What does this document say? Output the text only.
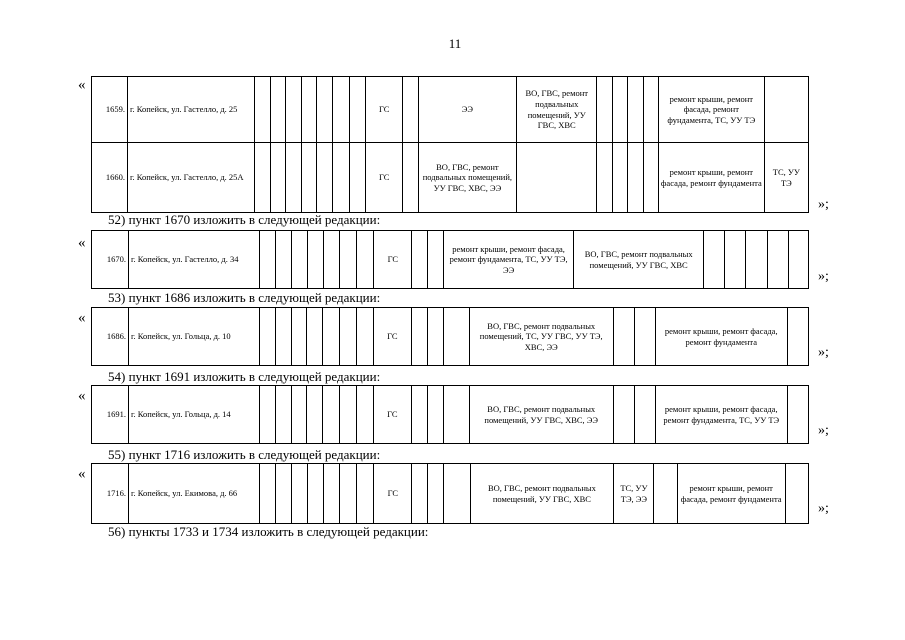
11
«
1659.	г. Копейск, ул. Гастелло, д. 25								ГС		ЭЭ	ВО, ГВС, ремонт подвальных помещений, УУ ГВС, ХВС					ремонт крыши, ремонт фасада, ремонт фундамента, ТС, УУ ТЭ	
1660.	г. Копейск, ул. Гастелло, д. 25А								ГС		ВО, ГВС, ремонт подвальных помещений, УУ ГВС, ХВС, ЭЭ						ремонт крыши, ремонт фасада, ремонт фундамента	ТС, УУ ТЭ
»;
52) пункт 1670 изложить в следующей редакции:
«
1670.	г. Копейск, ул. Гастелло, д. 34								ГС			ремонт крыши, ремонт фасада, ремонт фундамента, ТС, УУ ТЭ, ЭЭ	ВО, ГВС, ремонт подвальных помещений, УУ ГВС, ХВС					
»;
53) пункт 1686 изложить в следующей редакции:
«
1686.	г. Копейск, ул. Гольца, д. 10								ГС				ВО, ГВС, ремонт подвальных помещений, ТС, УУ ГВС, УУ ТЭ, ХВС, ЭЭ			ремонт крыши, ремонт фасада, ремонт фундамента	
»;
54) пункт 1691 изложить в следующей редакции:
«
1691.	г. Копейск, ул. Гольца, д. 14								ГС				ВО, ГВС, ремонт подвальных помещений, УУ ГВС, ХВС, ЭЭ			ремонт крыши, ремонт фасада, ремонт фундамента, ТС, УУ ТЭ	
»;
55) пункт 1716 изложить в следующей редакции:
«
1716.	г. Копейск, ул. Екимова, д. 66								ГС				ВО, ГВС, ремонт подвальных помещений, УУ ГВС, ХВС	ТС, УУ ТЭ, ЭЭ		ремонт крыши, ремонт фасада, ремонт фундамента	
»;
56) пункты 1733 и 1734 изложить в следующей редакции:
